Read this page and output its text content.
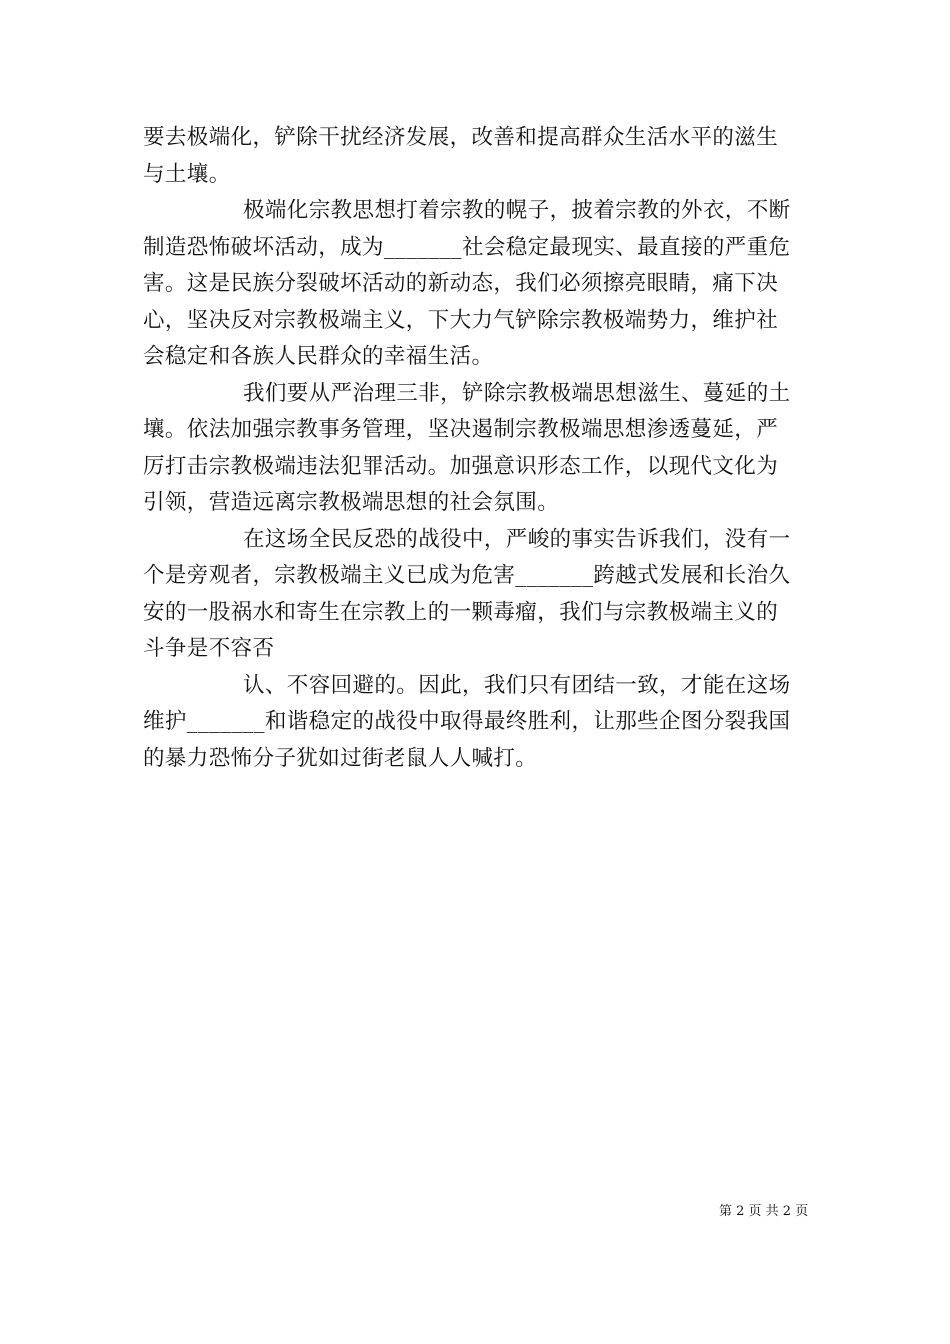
要去极端化，铲除干扰经济发展，改善和提高群众生活水平的滋生
与土壤。

极端化宗教思想打着宗教的幌子，披着宗教的外衣，不断
制造恐怖破坏活动，成为_______社会稳定最现实、最直接的严重危
害。这是民族分裂破坏活动的新动态，我们必须擦亮眼睛，痛下决
心，坚决反对宗教极端主义，下大力气铲除宗教极端势力，维护社
会稳定和各族人民群众的幸福生活。

我们要从严治理三非，铲除宗教极端思想滋生、蔓延的土
壤。依法加强宗教事务管理，坚决遏制宗教极端思想渗透蔓延，严
厉打击宗教极端违法犯罪活动。加强意识形态工作，以现代文化为
引领，营造远离宗教极端思想的社会氛围。

在这场全民反恐的战役中，严峻的事实告诉我们，没有一
个是旁观者，宗教极端主义已成为危害_______跨越式发展和长治久
安的一股祸水和寄生在宗教上的一颗毒瘤，我们与宗教极端主义的
斗争是不容否

认、不容回避的。因此，我们只有团结一致，才能在这场
维护_______和谐稳定的战役中取得最终胜利，让那些企图分裂我国
的暴力恐怖分子犹如过街老鼠人人喊打。

第 2 页 共 2 页
